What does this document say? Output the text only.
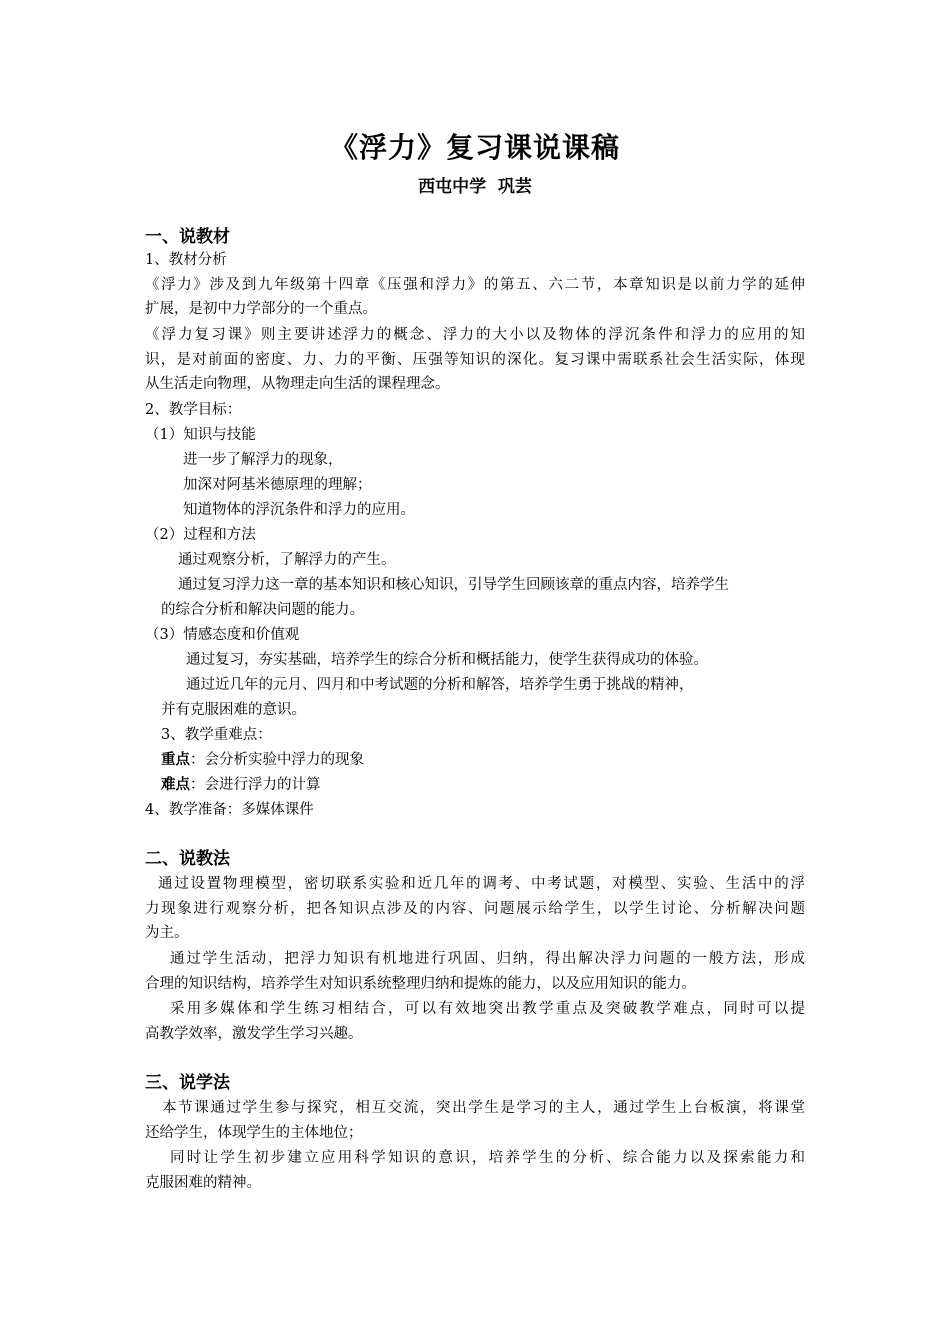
《浮力》复习课说课稿
西屯中学  巩芸
一、说教材
1、教材分析
《浮力》涉及到九年级第十四章《压强和浮力》的第五、六二节，本章知识是以前力学的延伸
扩展，是初中力学部分的一个重点。
《浮力复习课》则主要讲述浮力的概念、浮力的大小以及物体的浮沉条件和浮力的应用的知
识，是对前面的密度、力、力的平衡、压强等知识的深化。复习课中需联系社会生活实际，体现
从生活走向物理，从物理走向生活的课程理念。
2、教学目标：
（1）知识与技能
进一步了解浮力的现象，
加深对阿基米德原理的理解；
知道物体的浮沉条件和浮力的应用。
（2）过程和方法
通过观察分析，了解浮力的产生。
通过复习浮力这一章的基本知识和核心知识，引导学生回顾该章的重点内容，培养学生
的综合分析和解决问题的能力。
（3）情感态度和价值观
通过复习，夯实基础，培养学生的综合分析和概括能力，使学生获得成功的体验。
通过近几年的元月、四月和中考试题的分析和解答，培养学生勇于挑战的精神，
并有克服困难的意识。
3、教学重难点：
重点：会分析实验中浮力的现象
难点：会进行浮力的计算
4、教学准备：多媒体课件
二、说教法
通过设置物理模型，密切联系实验和近几年的调考、中考试题，对模型、实验、生活中的浮
力现象进行观察分析，把各知识点涉及的内容、问题展示给学生，以学生讨论、分析解决问题
为主。
通过学生活动，把浮力知识有机地进行巩固、归纳，得出解决浮力问题的一般方法，形成
合理的知识结构，培养学生对知识系统整理归纳和提炼的能力，以及应用知识的能力。
采用多媒体和学生练习相结合，可以有效地突出教学重点及突破教学难点，同时可以提
高教学效率，激发学生学习兴趣。
三、说学法
本节课通过学生参与探究，相互交流，突出学生是学习的主人，通过学生上台板演，将课堂
还给学生，体现学生的主体地位；
同时让学生初步建立应用科学知识的意识，培养学生的分析、综合能力以及探索能力和
克服困难的精神。
